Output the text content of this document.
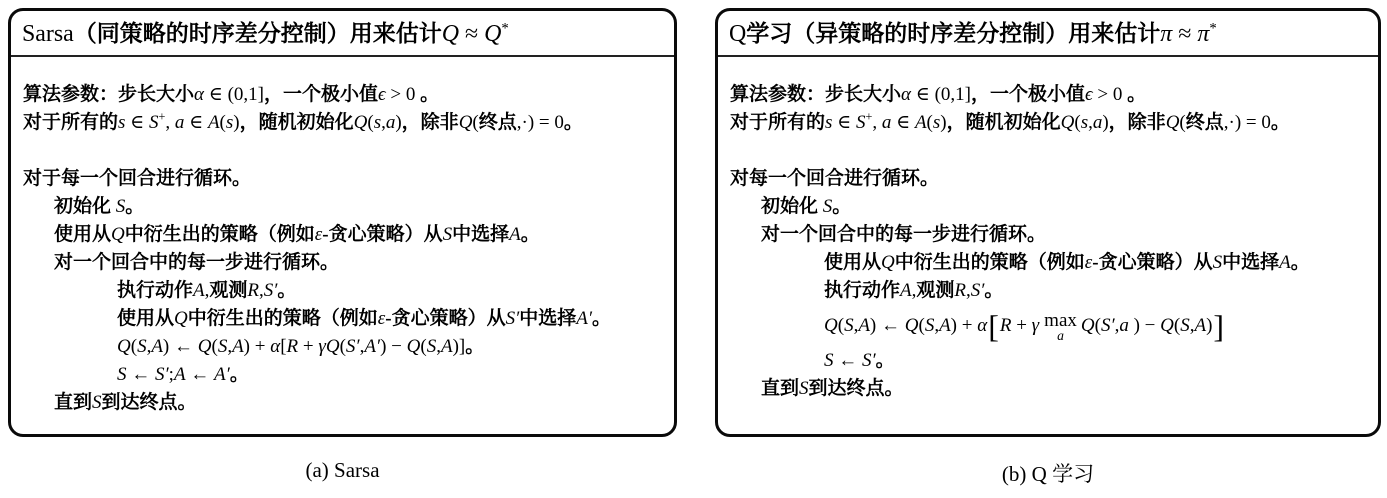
Sarsa（同策略的时序差分控制）用来估计Q ≈ Q*
算法参数：步长大小α ∈ (0,1]，一个极小值ϵ > 0 。
对于所有的s ∈ S+, a ∈ A(s)，随机初始化Q(s,a)，除非Q(终点,·) = 0。
对于每一个回合进行循环。
初始化 S。
使用从Q中衍生出的策略（例如ε-贪心策略）从S中选择A。
对一个回合中的每一步进行循环。
执行动作A,观测R,S′。
使用从Q中衍生出的策略（例如ε-贪心策略）从S′中选择A′。
Q(S,A) ← Q(S,A) + α[R + γQ(S′,A′) − Q(S,A)]。
S ← S′;A ← A′。
直到S到达终点。
Q学习（异策略的时序差分控制）用来估计π ≈ π*
算法参数：步长大小α ∈ (0,1]，一个极小值ϵ > 0 。
对于所有的s ∈ S+, a ∈ A(s)，随机初始化Q(s,a)，除非Q(终点,·) = 0。
对每一个回合进行循环。
初始化 S。
对一个回合中的每一步进行循环。
使用从Q中衍生出的策略（例如ε-贪心策略）从S中选择A。
执行动作A,观测R,S′。
Q(S,A) ← Q(S,A) + α[R + γ max
a Q(S′,a ) − Q(S,A)]
S ← S′。
直到S到达终点。
(a) Sarsa	(b) Q 学习
